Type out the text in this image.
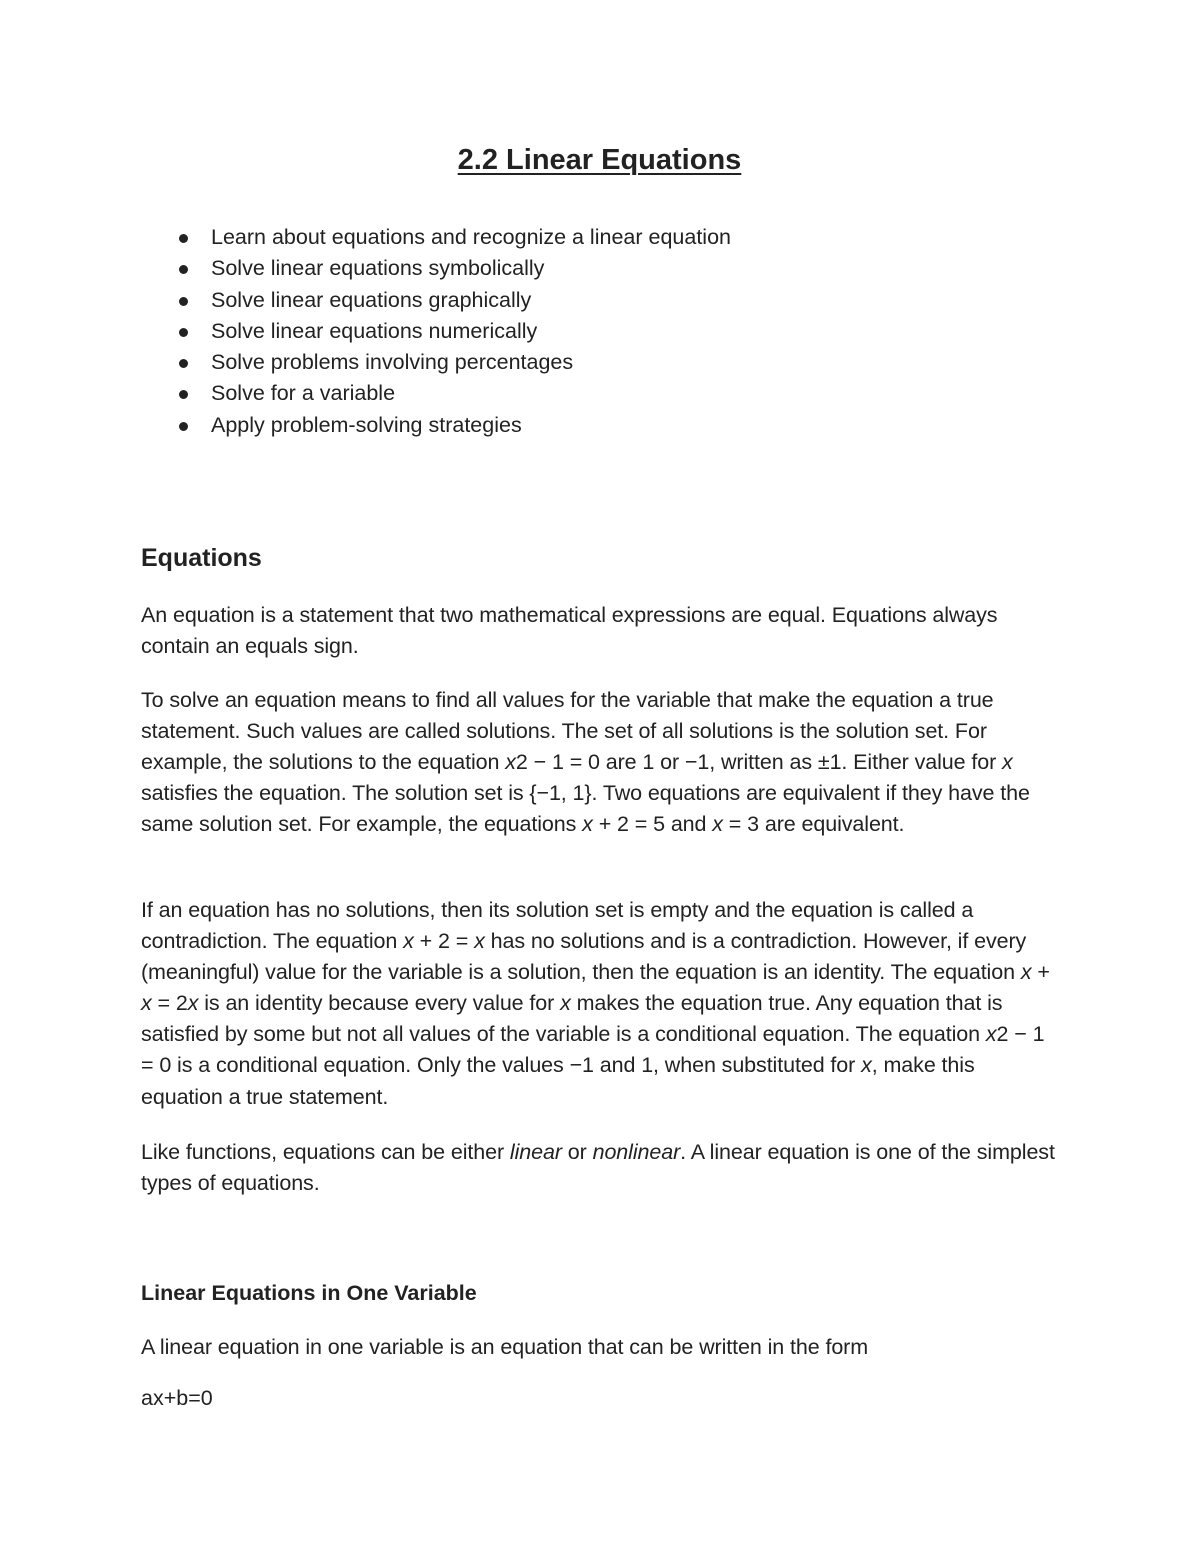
2.2 Linear Equations
Learn about equations and recognize a linear equation
Solve linear equations symbolically
Solve linear equations graphically
Solve linear equations numerically
Solve problems involving percentages
Solve for a variable
Apply problem-solving strategies
Equations

An equation is a statement that two mathematical expressions are equal. Equations always contain an equals sign.

To solve an equation means to find all values for the variable that make the equation a true statement. Such values are called solutions. The set of all solutions is the solution set. For example, the solutions to the equation x2 − 1 = 0 are 1 or −1, written as ±1. Either value for x satisfies the equation. The solution set is {−1, 1}. Two equations are equivalent if they have the same solution set. For example, the equations x + 2 = 5 and x = 3 are equivalent.

If an equation has no solutions, then its solution set is empty and the equation is called a contradiction. The equation x + 2 = x has no solutions and is a contradiction. However, if every (meaningful) value for the variable is a solution, then the equation is an identity. The equation x + x = 2x is an identity because every value for x makes the equation true. Any equation that is satisfied by some but not all values of the variable is a conditional equation. The equation x2 − 1 = 0 is a conditional equation. Only the values −1 and 1, when substituted for x, make this equation a true statement.

Like functions, equations can be either linear or nonlinear. A linear equation is one of the simplest types of equations.

Linear Equations in One Variable

A linear equation in one variable is an equation that can be written in the form

ax+b=0
